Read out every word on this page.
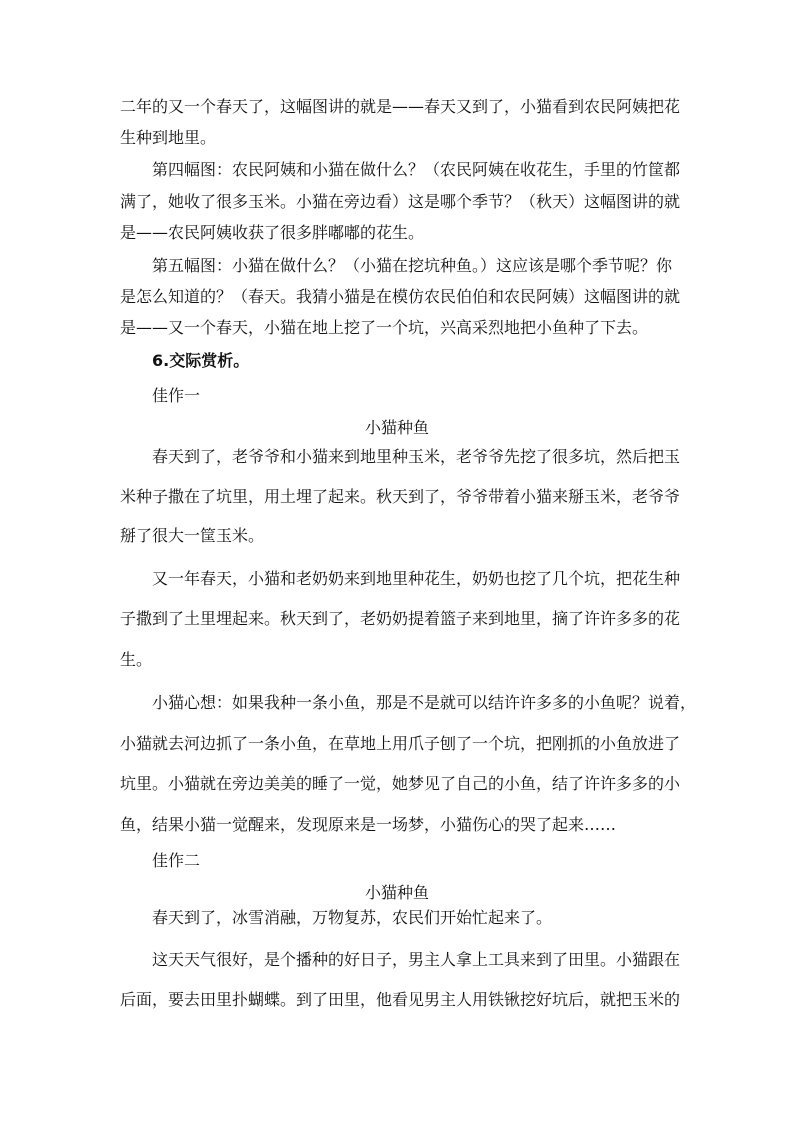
二年的又一个春天了，这幅图讲的就是——春天又到了，小猫看到农民阿姨把花
生种到地里。
第四幅图：农民阿姨和小猫在做什么？（农民阿姨在收花生，手里的竹筐都
满了，她收了很多玉米。小猫在旁边看）这是哪个季节？（秋天）这幅图讲的就
是——农民阿姨收获了很多胖嘟嘟的花生。
第五幅图：小猫在做什么？（小猫在挖坑种鱼。）这应该是哪个季节呢？你
是怎么知道的？（春天。我猜小猫是在模仿农民伯伯和农民阿姨）这幅图讲的就
是——又一个春天，小猫在地上挖了一个坑，兴高采烈地把小鱼种了下去。
6.交际赏析。
佳作一
小猫种鱼
春天到了，老爷爷和小猫来到地里种玉米，老爷爷先挖了很多坑，然后把玉
米种子撒在了坑里，用土埋了起来。秋天到了，爷爷带着小猫来掰玉米，老爷爷
掰了很大一筐玉米。
又一年春天，小猫和老奶奶来到地里种花生，奶奶也挖了几个坑，把花生种
子撒到了土里埋起来。秋天到了，老奶奶提着篮子来到地里，摘了许许多多的花
生。
小猫心想：如果我种一条小鱼，那是不是就可以结许许多多的小鱼呢？说着，
小猫就去河边抓了一条小鱼，在草地上用爪子刨了一个坑，把刚抓的小鱼放进了
坑里。小猫就在旁边美美的睡了一觉，她梦见了自己的小鱼，结了许许多多的小
鱼，结果小猫一觉醒来，发现原来是一场梦，小猫伤心的哭了起来……
佳作二
小猫种鱼
春天到了，冰雪消融，万物复苏，农民们开始忙起来了。
这天天气很好，是个播种的好日子，男主人拿上工具来到了田里。小猫跟在
后面，要去田里扑蝴蝶。到了田里，他看见男主人用铁锹挖好坑后，就把玉米的
